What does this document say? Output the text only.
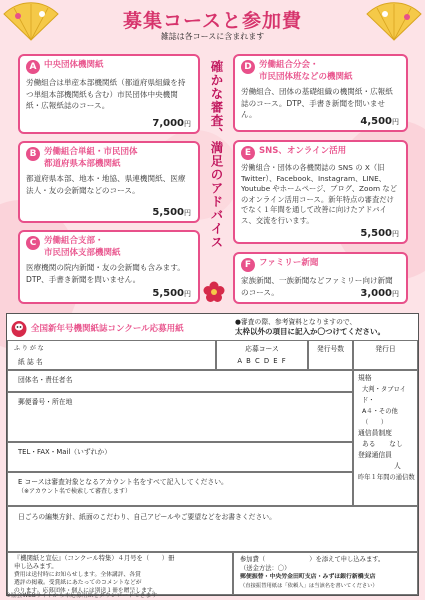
募集コースと参加費
雑誌は各コースに含まれます
A 中央団体機関紙
労働組合は単産本部機関紙（都道府県組織を持つ単組本部機関紙も含む）市民団体中央機関紙・広報紙誌のコース。
7,000円
B 労働組合単組・市民団体
都道府県本部機関紙
都道府県本部、地本・地協、県連機関紙、医療法人・友の会新聞などのコース。
5,500円
C 労働組合支部・
市民団体支部機関紙
医療機関の院内新聞・友の会新聞も含みます。DTP、手書き新聞を問いません。
5,500円
確かな審査、満足のアドバイス	D 労働組合分会・
市民団体班などの機関紙
労働組合、団体の基礎組織の機関紙・広報紙誌のコース。DTP、手書き新聞を問いません。
4,500円
E SNS、オンライン活用
労働組合・団体の各機関誌の SNS の X（旧 Twitter）、Facebook、Instagram、LINE、Youtube やホームページ、ブログ、Zoom などのオンライン活用コース。新年特点の審査だけでなく１年間を通して改善に向けたアドバイス、交流を行います。
5,500円
F ファミリー新聞
家族新聞、一族新聞などファミリー向け新聞のコース。	3,000円
全国新年号機関紙誌コンクール応募用紙
●審査の際、参考資料となりますので、
太枠以外の項目に記入か〇つけてください。
ふ り が な
紙 誌 名
応募コース
A B C D E F
発行号数	発行日
団体名・責任者名
郵便番号・所在地
TEL・FAX・Mail（いずれか）
規格
大判・タブロイド・
A４・その他（　　）
通信員制度
ある　　なし
登録通信員
人
昨年１年間の通信数
E コースは審査対象となるアカウント名をすべて記入してください。
（※アカウント名で検索して審査します）
日ごろの編集方針、紙面のこだわり、自己アピールやご要望などをお書きください。
『機関紙と宣伝』（コンクール特集）４月号を（　　）冊
申し込みます。
費用は送付時にお知らせします。全体講評、各賞
選評の掲載。受賞紙にあたってのコメントなどが
のります。応募団体・個人には別送１冊を贈呈します。
参加費（　　　　　　　）を添えて申し込みます。
（送金方法：〇）
郵便振替・中央労金田町支店・みずほ銀行新橋支店
（直接振替用紙は「依頼人」は当該名を書いてください）
※協会WEBサイトから本応募用紙をダウンロードできます
